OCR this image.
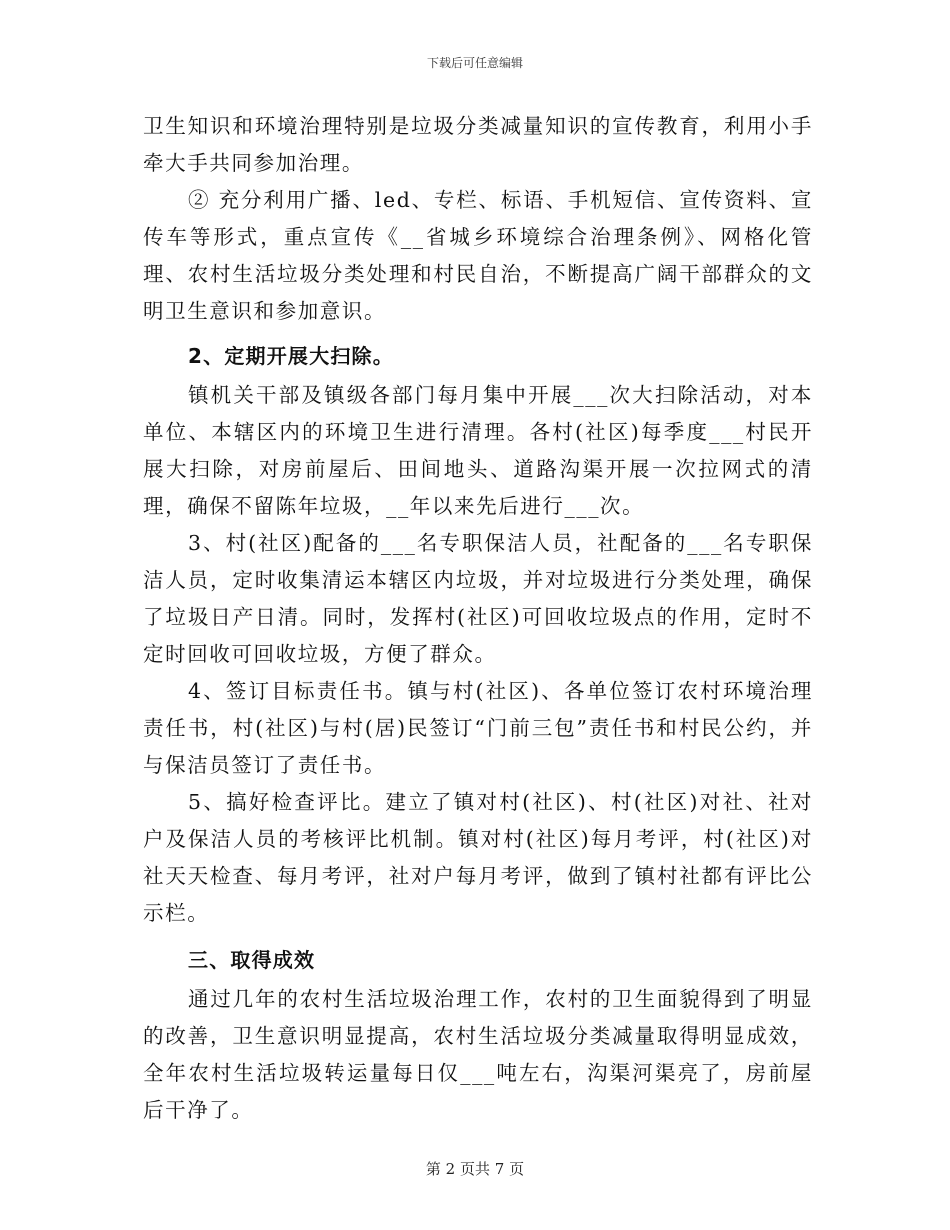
下载后可任意编辑

卫生知识和环境治理特别是垃圾分类减量知识的宣传教育，利用小手牵大手共同参加治理。

② 充分利用广播、led、专栏、标语、手机短信、宣传资料、宣传车等形式，重点宣传《__省城乡环境综合治理条例》、网格化管理、农村生活垃圾分类处理和村民自治，不断提高广阔干部群众的文明卫生意识和参加意识。

2、定期开展大扫除。

镇机关干部及镇级各部门每月集中开展___次大扫除活动，对本单位、本辖区内的环境卫生进行清理。各村(社区)每季度___村民开展大扫除，对房前屋后、田间地头、道路沟渠开展一次拉网式的清理，确保不留陈年垃圾，__年以来先后进行___次。

3、村(社区)配备的___名专职保洁人员，社配备的___名专职保洁人员，定时收集清运本辖区内垃圾，并对垃圾进行分类处理，确保了垃圾日产日清。同时，发挥村(社区)可回收垃圾点的作用，定时不定时回收可回收垃圾，方便了群众。

4、签订目标责任书。镇与村(社区)、各单位签订农村环境治理责任书，村(社区)与村(居)民签订“门前三包”责任书和村民公约，并与保洁员签订了责任书。

5、搞好检查评比。建立了镇对村(社区)、村(社区)对社、社对户及保洁人员的考核评比机制。镇对村(社区)每月考评，村(社区)对社天天检查、每月考评，社对户每月考评，做到了镇村社都有评比公示栏。

三、取得成效

通过几年的农村生活垃圾治理工作，农村的卫生面貌得到了明显的改善，卫生意识明显提高，农村生活垃圾分类减量取得明显成效，全年农村生活垃圾转运量每日仅___吨左右，沟渠河渠亮了，房前屋后干净了。

第 2 页共 7 页
